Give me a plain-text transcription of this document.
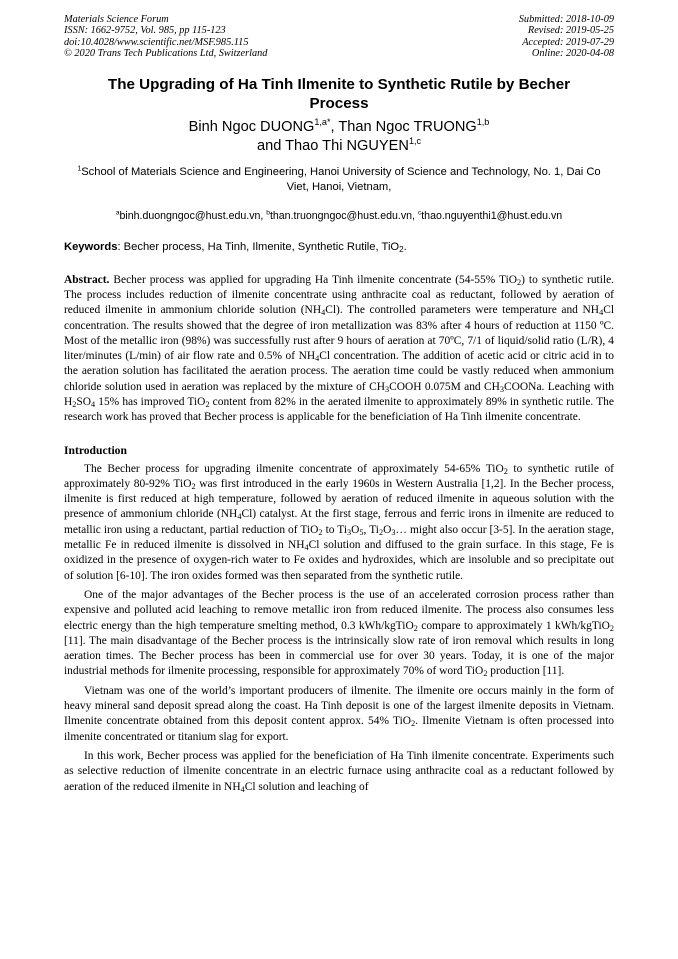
Materials Science Forum
ISSN: 1662-9752, Vol. 985, pp 115-123
doi:10.4028/www.scientific.net/MSF.985.115
© 2020 Trans Tech Publications Ltd, Switzerland
Submitted: 2018-10-09
Revised: 2019-05-25
Accepted: 2019-07-29
Online: 2020-04-08
The Upgrading of Ha Tinh Ilmenite to Synthetic Rutile by Becher Process
Binh Ngoc $DUONG^{1,a*}$, Than Ngoc TRUONG$^{1,b}$
and Thao Thi NGUYEN$^{1,c}$
$^1$School of Materials Science and Engineering, Hanoi University of Science and Technology, No. 1, Dai Co Viet, Hanoi, Vietnam,
$^a$binh.duongngoc@hust.edu.vn, $^b$than.truongngoc@hust.edu.vn, $^c$thao.nguyenthi1@hust.edu.vn
Keywords: Becher process, Ha Tinh, Ilmenite, Synthetic Rutile, TiO$_2$.
Abstract. Becher process was applied for upgrading Ha Tinh ilmenite concentrate (54-55% TiO$_2$) to synthetic rutile. The process includes reduction of ilmenite concentrate using anthracite coal as reductant, followed by aeration of reduced ilmenite in ammonium chloride solution $(NH_4Cl)$. The controlled parameters were temperature and $NH_4Cl$ concentration. The results showed that the degree of iron metallization was 83% after 4 hours of reduction at 1150 ºC. Most of the metallic iron (98%) was successfully rust after 9 hours of aeration at 70ºC, 7/1 of liquid/solid ratio (L/R), 4 liter/minutes (L/min) of air flow rate and 0.5% of $NH_4Cl$ concentration. The addition of acetic acid or citric acid in to the aeration solution has facilitated the aeration process. The aeration time could be vastly reduced when ammonium chloride solution used in aeration was replaced by the mixture of $CH_3COOH$ 0.075M and $CH_3COONa$. Leaching with $H_2SO_4$ 15% has improved TiO$_2$ content from 82% in the aerated ilmenite to approximately 89% in synthetic rutile. The research work has proved that Becher process is applicable for the beneficiation of Ha Tinh ilmenite concentrate.
Introduction
The Becher process for upgrading ilmenite concentrate of approximately 54-65% TiO$_2$ to synthetic rutile of approximately 80-92% TiO$_2$ was first introduced in the early 1960s in Western Australia [1,2]. In the Becher process, ilmenite is first reduced at high temperature, followed by aeration of reduced ilmenite in aqueous solution with the presence of ammonium chloride $(NH_4Cl)$ catalyst. At the first stage, ferrous and ferric irons in ilmenite are reduced to metallic iron using a reductant, partial reduction of TiO$_2$ to $Ti_3O_5$, $Ti_2O_3\dots$ might also occur [3-5]. In the aeration stage, metallic Fe in reduced ilmenite is dissolved in $NH_4Cl$ solution and diffused to the grain surface. In this stage, Fe is oxidized in the presence of oxygen-rich water to Fe oxides and hydroxides, which are insoluble and so precipitate out of solution [6-10]. The iron oxides formed was then separated from the synthetic rutile.
One of the major advantages of the Becher process is the use of an accelerated corrosion process rather than expensive and polluted acid leaching to remove metallic iron from reduced ilmenite. The process also consumes less electric energy than the high temperature smelting method, 0.3 kWh/kgTiO$_2$ compare to approximately 1 kWh/kgTiO$_2$ [11]. The main disadvantage of the Becher process is the intrinsically slow rate of iron removal which results in long aeration times. The Becher process has been in commercial use for over 30 years. Today, it is one of the major industrial methods for ilmenite processing, responsible for approximately 70% of word TiO$_2$ production [11].
Vietnam was one of the world’s important producers of ilmenite. The ilmenite ore occurs mainly in the form of heavy mineral sand deposit spread along the coast. Ha Tinh deposit is one of the largest ilmenite deposits in Vietnam. Ilmenite concentrate obtained from this deposit content approx. 54% TiO$_2$. Ilmenite Vietnam is often processed into ilmenite concentrated or titanium slag for export.
In this work, Becher process was applied for the beneficiation of Ha Tinh ilmenite concentrate. Experiments such as selective reduction of ilmenite concentrate in an electric furnace using anthracite coal as a reductant followed by aeration of the reduced ilmenite in $NH_4Cl$ solution and leaching of
